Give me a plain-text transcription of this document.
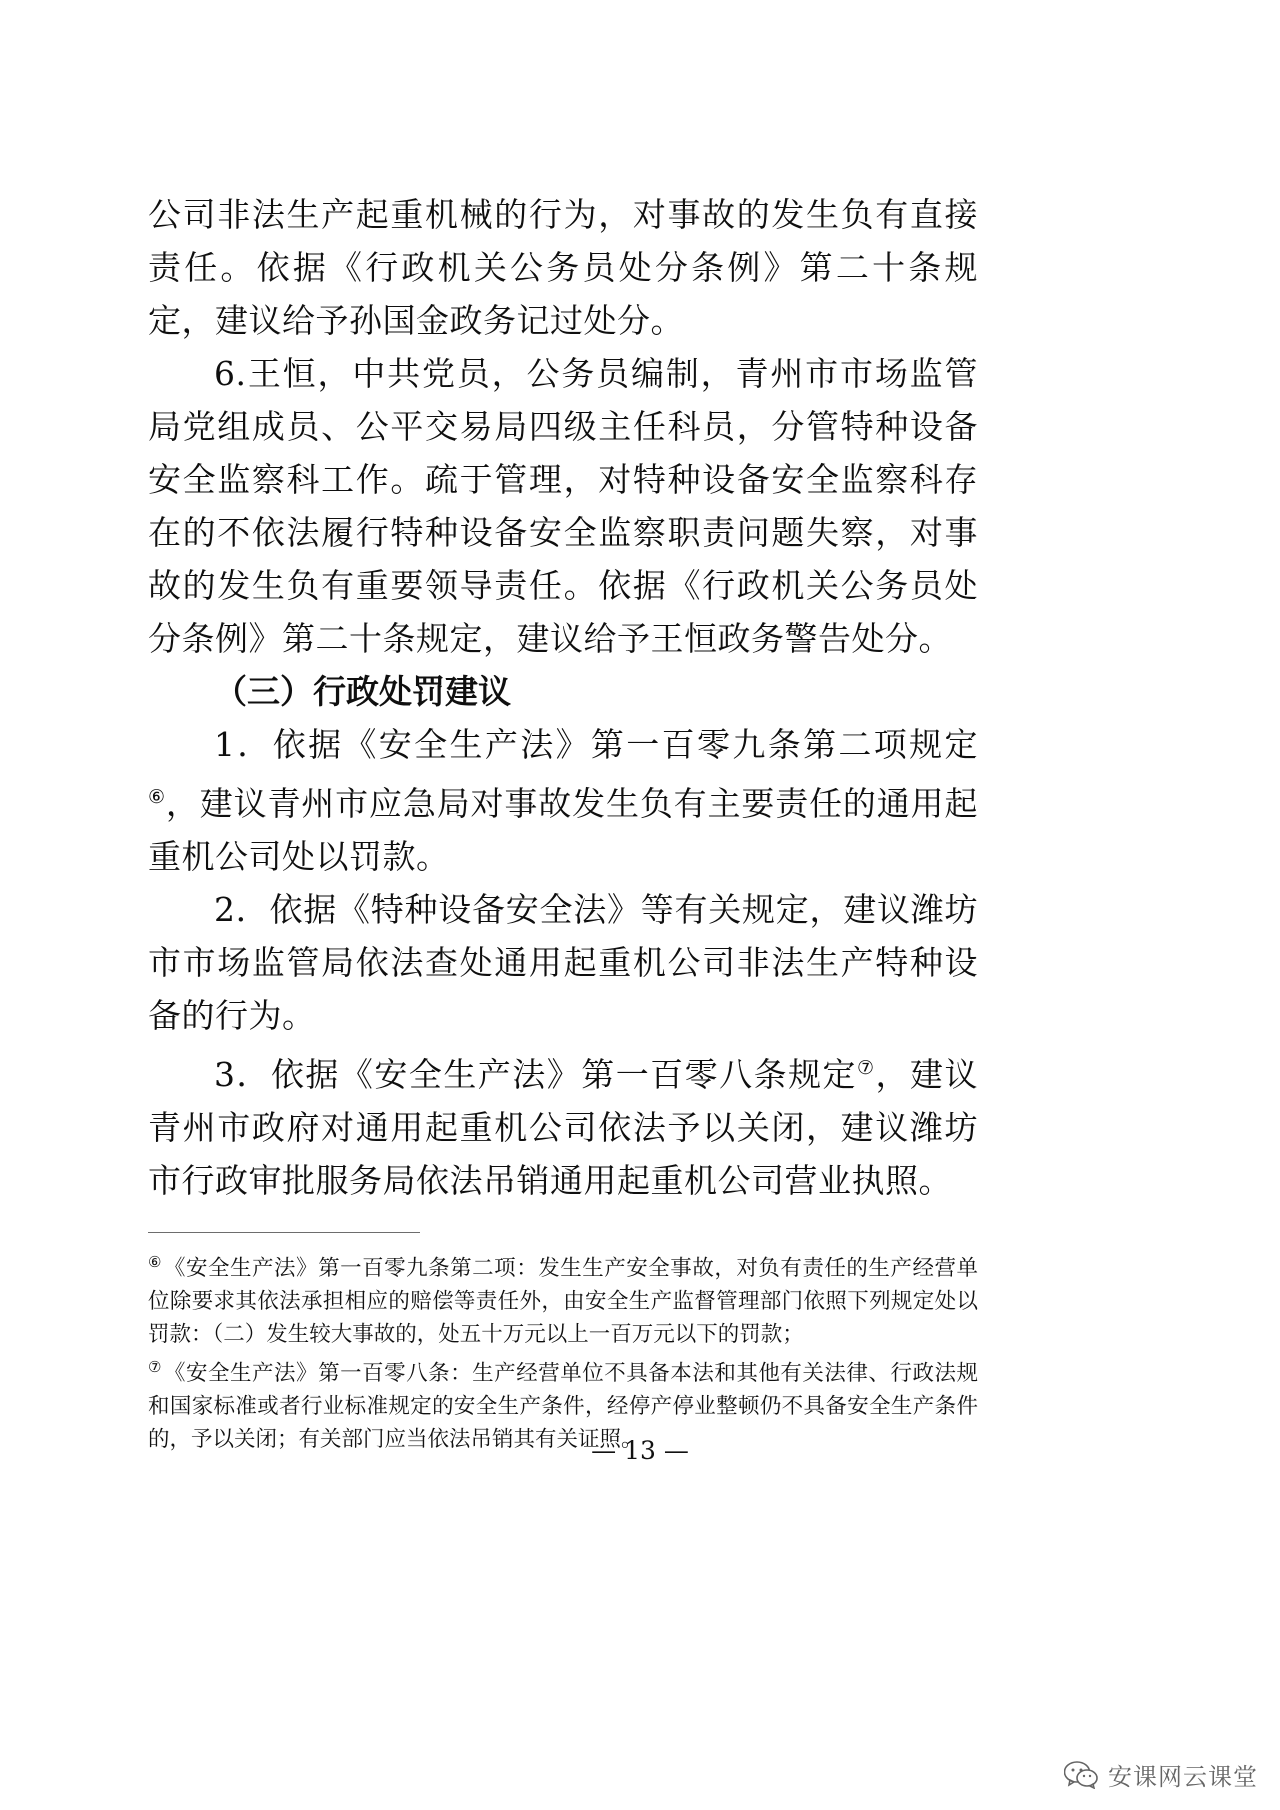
公司非法生产起重机械的行为，对事故的发生负有直接责任。依据《行政机关公务员处分条例》第二十条规定，建议给予孙国金政务记过处分。

6.王恒，中共党员，公务员编制，青州市市场监管局党组成员、公平交易局四级主任科员，分管特种设备安全监察科工作。疏于管理，对特种设备安全监察科存在的不依法履行特种设备安全监察职责问题失察，对事故的发生负有重要领导责任。依据《行政机关公务员处分条例》第二十条规定，建议给予王恒政务警告处分。

（三）行政处罚建议

1．依据《安全生产法》第一百零九条第二项规定⑥，建议青州市应急局对事故发生负有主要责任的通用起重机公司处以罚款。

2．依据《特种设备安全法》等有关规定，建议潍坊市市场监管局依法查处通用起重机公司非法生产特种设备的行为。

3．依据《安全生产法》第一百零八条规定⑦，建议青州市政府对通用起重机公司依法予以关闭，建议潍坊市行政审批服务局依法吊销通用起重机公司营业执照。

⑥《安全生产法》第一百零九条第二项：发生生产安全事故，对负有责任的生产经营单位除要求其依法承担相应的赔偿等责任外，由安全生产监督管理部门依照下列规定处以罚款：（二）发生较大事故的，处五十万元以上一百万元以下的罚款；

⑦《安全生产法》第一百零八条：生产经营单位不具备本法和其他有关法律、行政法规和国家标准或者行业标准规定的安全生产条件，经停产停业整顿仍不具备安全生产条件的，予以关闭；有关部门应当依法吊销其有关证照。

— 13 —
安课网云课堂
